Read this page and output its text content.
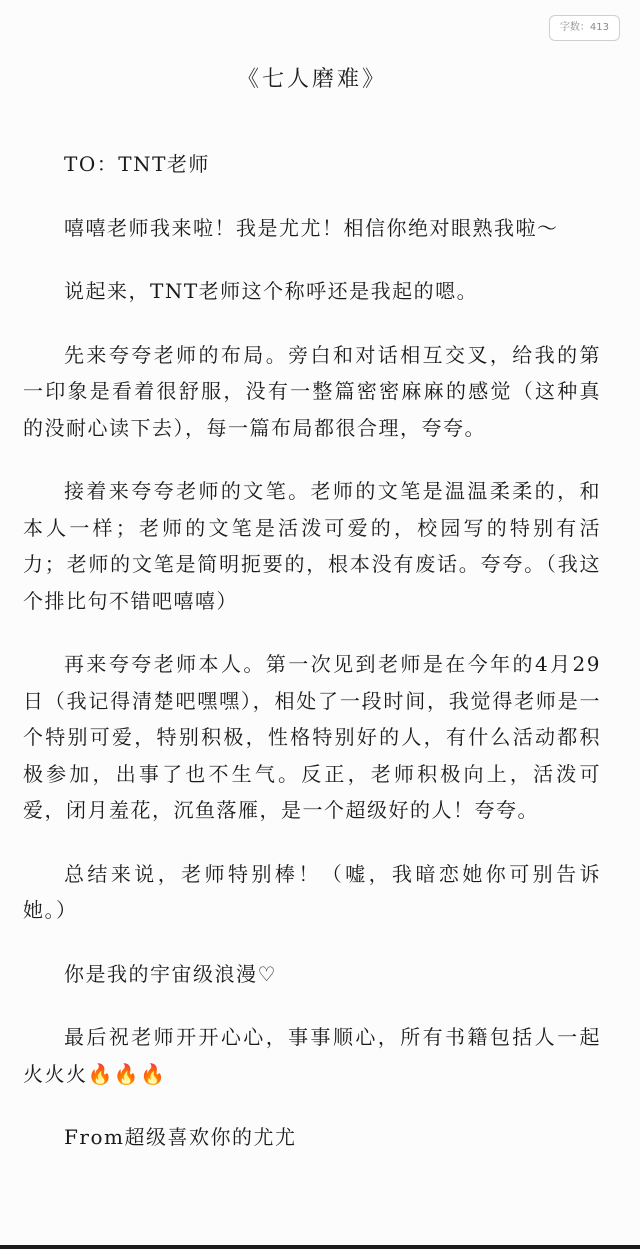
字数：413
《七人磨难》

TO：TNT老师

嘻嘻老师我来啦！我是尤尤！相信你绝对眼熟我啦～

说起来，TNT老师这个称呼还是我起的嗯。

先来夸夸老师的布局。旁白和对话相互交叉，给我的第一印象是看着很舒服，没有一整篇密密麻麻的感觉（这种真的没耐心读下去），每一篇布局都很合理，夸夸。

接着来夸夸老师的文笔。老师的文笔是温温柔柔的，和本人一样；老师的文笔是活泼可爱的，校园写的特别有活力；老师的文笔是简明扼要的，根本没有废话。夸夸。（我这个排比句不错吧嘻嘻）

再来夸夸老师本人。第一次见到老师是在今年的4月29日（我记得清楚吧嘿嘿），相处了一段时间，我觉得老师是一个特别可爱，特别积极，性格特别好的人，有什么活动都积极参加，出事了也不生气。反正，老师积极向上，活泼可爱，闭月羞花，沉鱼落雁，是一个超级好的人！夸夸。

总结来说，老师特别棒！（嘘，我暗恋她你可别告诉她。）

你是我的宇宙级浪漫♡

最后祝老师开开心心，事事顺心，所有书籍包括人一起火火火🔥🔥🔥

From超级喜欢你的尤尤
